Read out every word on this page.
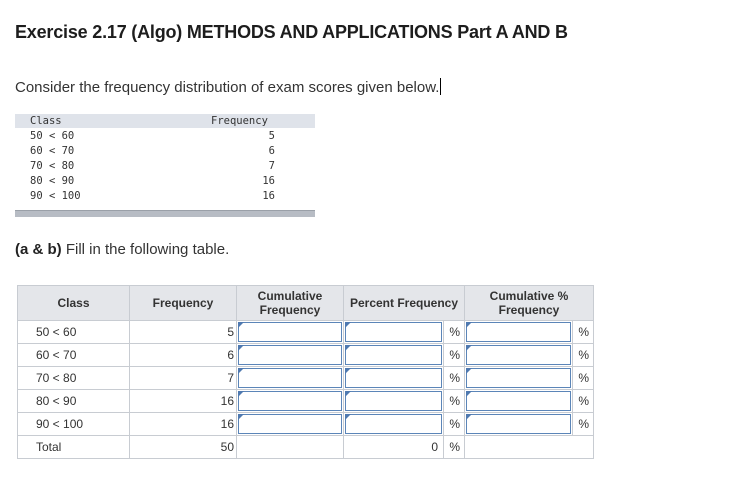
Exercise 2.17 (Algo) METHODS AND APPLICATIONS Part A AND B
Consider the frequency distribution of exam scores given below.
Class	Frequency
50 < 60	5
60 < 70	6
70 < 80	7
80 < 90	16
90 < 100	16
(a & b) Fill in the following table.
Class	Frequency	Cumulative Frequency	Percent Frequency	Cumulative % Frequency
50 < 60	5		%	%

60 < 70	6		%	%

70 < 80	7		%	%

80 < 90	16		%	%

90 < 100	16		%	%

Total	50		0 %	
